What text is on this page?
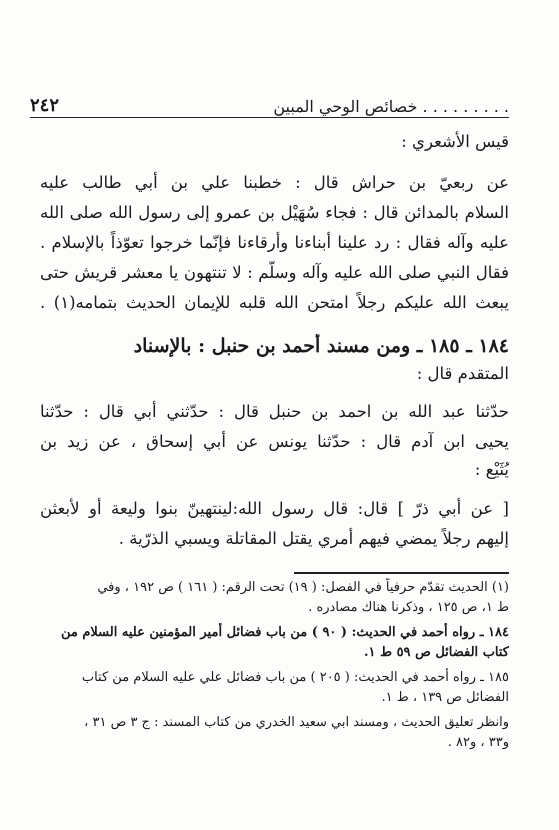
٢٤٢	. . . . . . . . . خصائص الوحي المبين
قيس الأشعري :
عن ربعيّ بن حراش قال : خطبنا علي بن أبي طالب عليه
السلام بالمدائن قال : فجاء سُهَيْل بن عمرو إلى رسول الله صلى الله
عليه وآله فقال : رد علينا أبناءنا وأرقاءنا فإنّما خرجوا تعوّذاً بالإسلام .
فقال النبي صلى الله عليه وآله وسلّم : لا تنتهون يا معشر قريش حتى
يبعث الله عليكم رجلاً امتحن الله قلبه للإيمان الحديث بتمامه(١) .
١٨٤ ـ ١٨٥ ـ ومن مسند أحمد بن حنبل : بالإسناد
المتقدم قال :
حدّثنا عبد الله بن احمد بن حنبل قال : حدّثني أبي قال : حدّثنا
يحيى ابن آدم قال : حدّثنا يونس عن أبي إسحاق ، عن زيد بن
يُثَيْع :
[ عن أبي ذرّ ] قال: قال رسول الله:لينتهينّ بنوا وليعة أو لأبعثن
إليهم رجلاً يمضي فيهم أمري يقتل المقاتلة ويسبي الذرّية .
(١) الحديث تقدّم حرفياً في الفصل: ( ١٩) تحت الرقم: ( ١٦١ ) ص ١٩٢ ، وفي
ط ١، ص ١٢٥ ، وذكرنا هناك مصادره .
١٨٤ ـ رواه أحمد في الحديث: ( ٩٠ ) من باب فضائل أمير المؤمنين عليه السلام من
كتاب الفضائل ص ٥٩ ط ١.
١٨٥ ـ رواه أحمد في الحديث: ( ٢٠٥ ) من باب فضائل علي عليه السلام من كتاب
الفضائل ص ١٣٩ ، ط ١.
وانظر تعليق الحديث ، ومسند ابي سعيد الخدري من كتاب المسند : ج ٣ ص ٣١ ،
و٣٣ ، و٨٢ .
